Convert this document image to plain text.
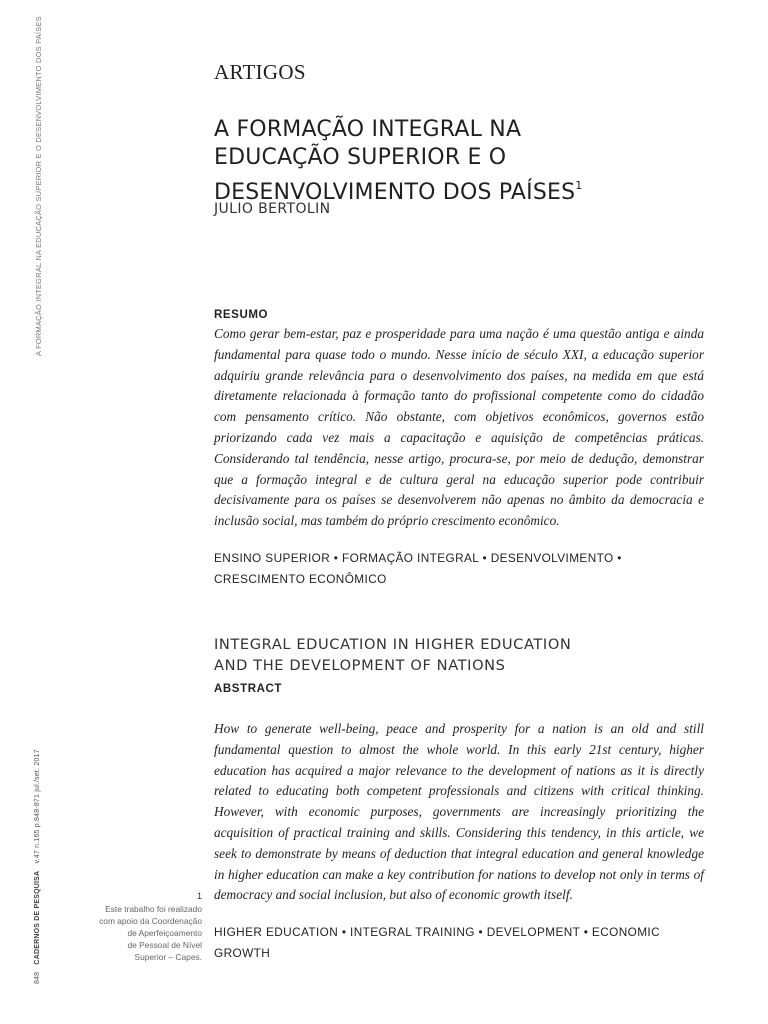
A FORMAÇÃO INTEGRAL NA EDUCAÇÃO SUPERIOR E O DESENVOLVIMENTO DOS PAÍSES
848 CADERNOS DE PESQUISA v.47 n.165 p.848-871 jul./set. 2017
ARTIGOS
A FORMAÇÃO INTEGRAL NA
EDUCAÇÃO SUPERIOR E O
DESENVOLVIMENTO DOS PAÍSES$^1$
JULIO BERTOLIN
RESUMO

Como gerar bem-estar, paz e prosperidade para uma nação é uma questão antiga e ainda fundamental para quase todo o mundo. Nesse início de século XXI, a educação superior adquiriu grande relevância para o desenvolvimento dos países, na medida em que está diretamente relacionada à formação tanto do profissional competente como do cidadão com pensamento crítico. Não obstante, com objetivos econômicos, governos estão priorizando cada vez mais a capacitação e aquisição de competências práticas. Considerando tal tendência, nesse artigo, procura-se, por meio de dedução, demonstrar que a formação integral e de cultura geral na educação superior pode contribuir decisivamente para os países se desenvolverem não apenas no âmbito da democracia e inclusão social, mas também do próprio crescimento econômico.

ENSINO SUPERIOR • FORMAÇÃO INTEGRAL • DESENVOLVIMENTO • CRESCIMENTO ECONÔMICO

INTEGRAL EDUCATION IN HIGHER EDUCATION
AND THE DEVELOPMENT OF NATIONS
ABSTRACT

How to generate well-being, peace and prosperity for a nation is an old and still fundamental question to almost the whole world. In this early 21st century, higher education has acquired a major relevance to the development of nations as it is directly related to educating both competent professionals and citizens with critical thinking. However, with economic purposes, governments are increasingly prioritizing the acquisition of practical training and skills. Considering this tendency, in this article, we seek to demonstrate by means of deduction that integral education and general knowledge in higher education can make a key contribution for nations to develop not only in terms of democracy and social inclusion, but also of economic growth itself.

HIGHER EDUCATION • INTEGRAL TRAINING • DEVELOPMENT • ECONOMIC GROWTH

1

Este trabalho foi realizado
com apoio da Coordenação
de Aperfeiçoamento
de Pessoal de Nível
Superior – Capes.
